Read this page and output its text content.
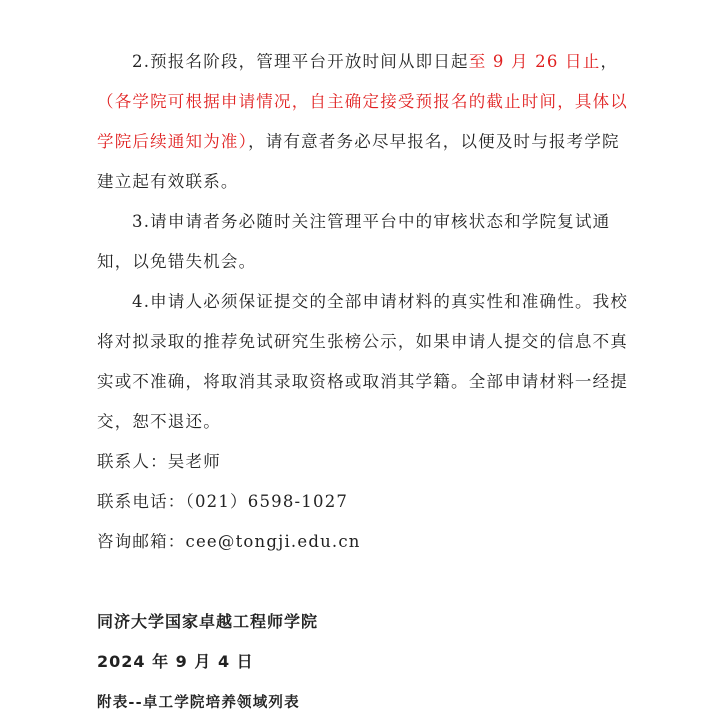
2.预报名阶段，管理平台开放时间从即日起至 9 月 26 日止，
（各学院可根据申请情况，自主确定接受预报名的截止时间，具体以
学院后续通知为准），请有意者务必尽早报名，以便及时与报考学院
建立起有效联系。
3.请申请者务必随时关注管理平台中的审核状态和学院复试通
知，以免错失机会。
4.申请人必须保证提交的全部申请材料的真实性和准确性。我校
将对拟录取的推荐免试研究生张榜公示，如果申请人提交的信息不真
实或不准确，将取消其录取资格或取消其学籍。全部申请材料一经提
交，恕不退还。
联系人：吴老师
联系电话：（021）6598-1027
咨询邮箱：cee@tongji.edu.cn
同济大学国家卓越工程师学院
2024 年 9 月 4 日
附表--卓工学院培养领域列表
